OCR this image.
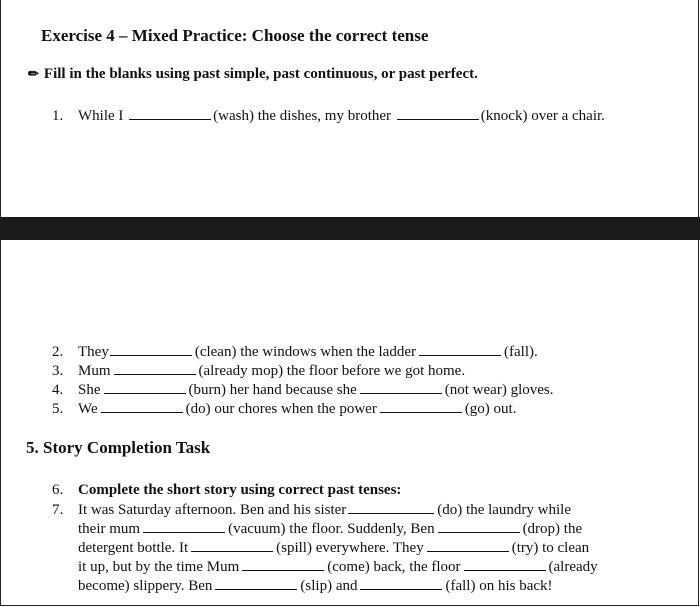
Exercise 4 – Mixed Practice: Choose the correct tense
✏ Fill in the blanks using past simple, past continuous, or past perfect.
1. While I	(wash) the dishes, my brother	(knock) over a chair.
2. They	(clean) the windows when the ladder	(fall).
3. Mum	(already mop) the floor before we got home.
4. She	(burn) her hand because she	(not wear) gloves.
5. We	(do) our chores when the power	(go) out.
5. Story Completion Task
6. Complete the short story using correct past tenses:
7. It was Saturday afternoon. Ben and his sister	(do) the laundry while
their mum	(vacuum) the floor. Suddenly, Ben	(drop) the
detergent bottle. It	(spill) everywhere. They	(try) to clean
it up, but by the time Mum	(come) back, the floor	(already
become) slippery. Ben	(slip) and	(fall) on his back!
